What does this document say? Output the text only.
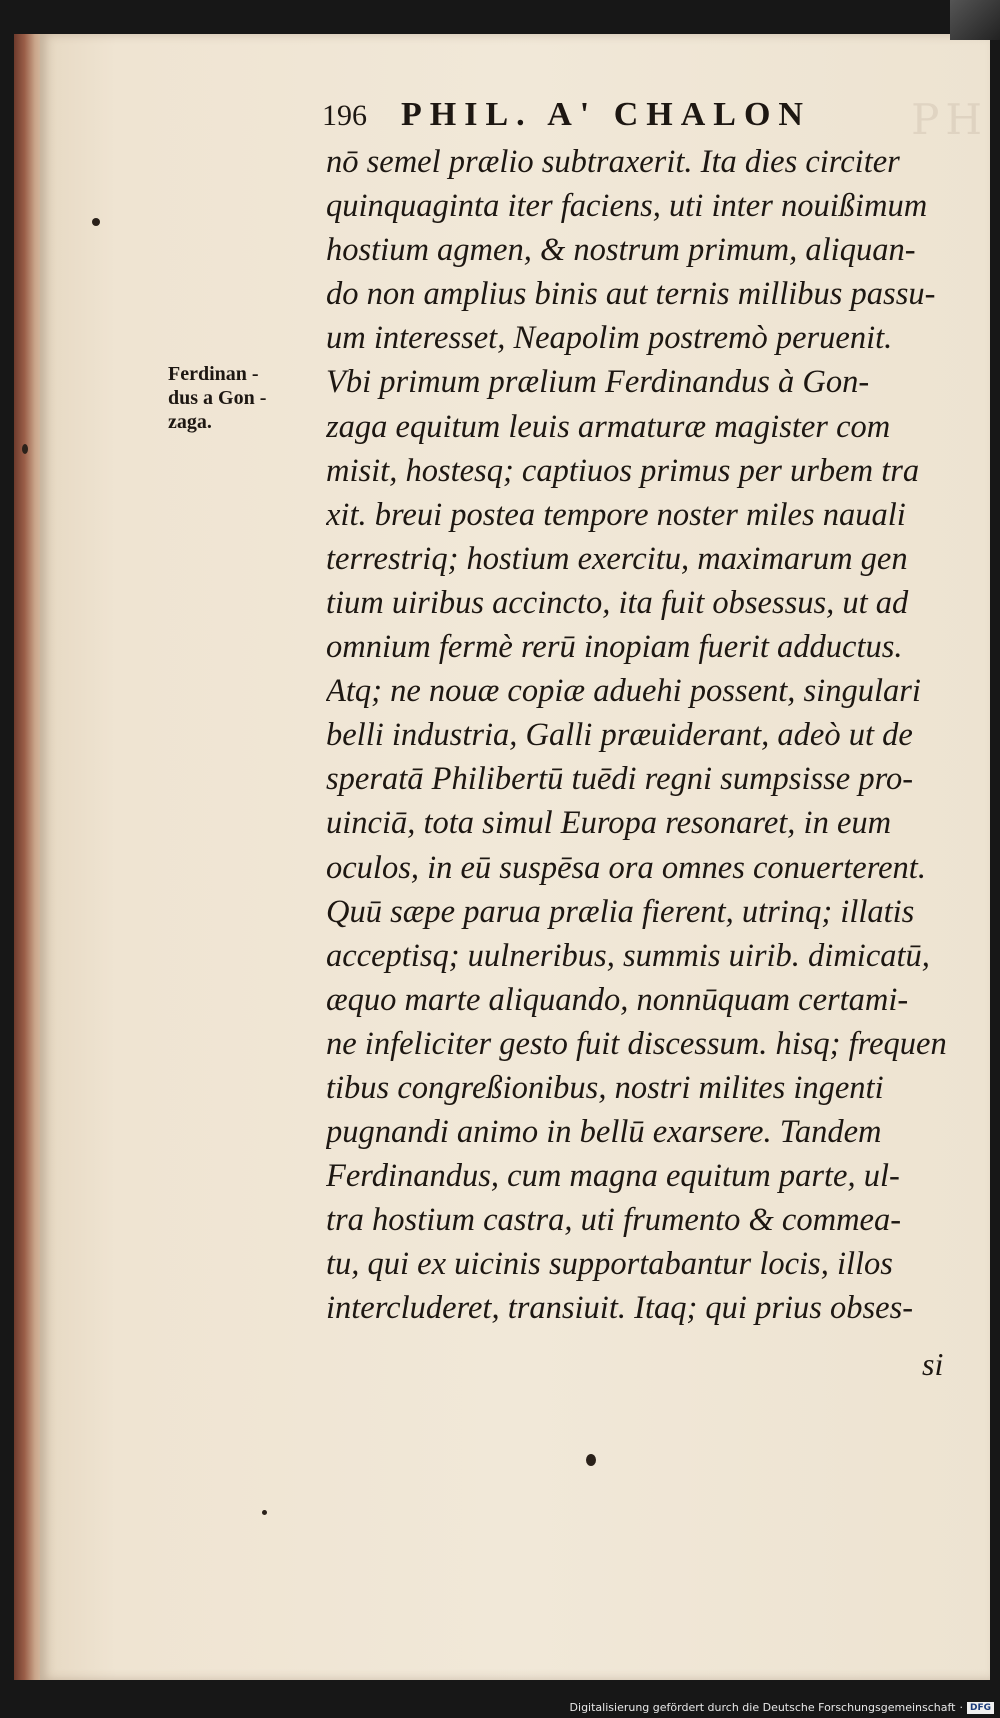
PH
196 PHIL. A' CHALON
Ferdinan -
dus a Gon -
zaga.
nō semel prælio subtraxerit. Ita dies circiter
quinquaginta iter faciens, uti inter nouißimum
hostium agmen, & nostrum primum, aliquan-
do non amplius binis aut ternis millibus passu-
um interesset, Neapolim postremò peruenit.
Vbi primum prælium Ferdinandus à Gon-
zaga equitum leuis armaturæ magister com
misit, hostesq; captiuos primus per urbem tra
xit. breui postea tempore noster miles nauali
terrestriq; hostium exercitu, maximarum gen
tium uiribus accincto, ita fuit obsessus, ut ad
omnium fermè rerū inopiam fuerit adductus.
Atq; ne nouæ copiæ aduehi possent, singulari
belli industria, Galli præuiderant, adeò ut de
speratā Philibertū tuēdi regni sumpsisse pro-
uinciā, tota simul Europa resonaret, in eum
oculos, in eū suspēsa ora omnes conuerterent.
Quū sæpe parua prælia fierent, utrinq; illatis
acceptisq; uulneribus, summis uirib. dimicatū,
æquo marte aliquando, nonnūquam certami-
ne infeliciter gesto fuit discessum. hisq; frequen
tibus congreßionibus, nostri milites ingenti
pugnandi animo in bellū exarsere. Tandem
Ferdinandus, cum magna equitum parte, ul-
tra hostium castra, uti frumento & commea-
tu, qui ex uicinis supportabantur locis, illos
intercluderet, transiuit. Itaq; qui prius obses-
si
Digitalisierung gefördert durch die Deutsche Forschungsgemeinschaft · DFG
